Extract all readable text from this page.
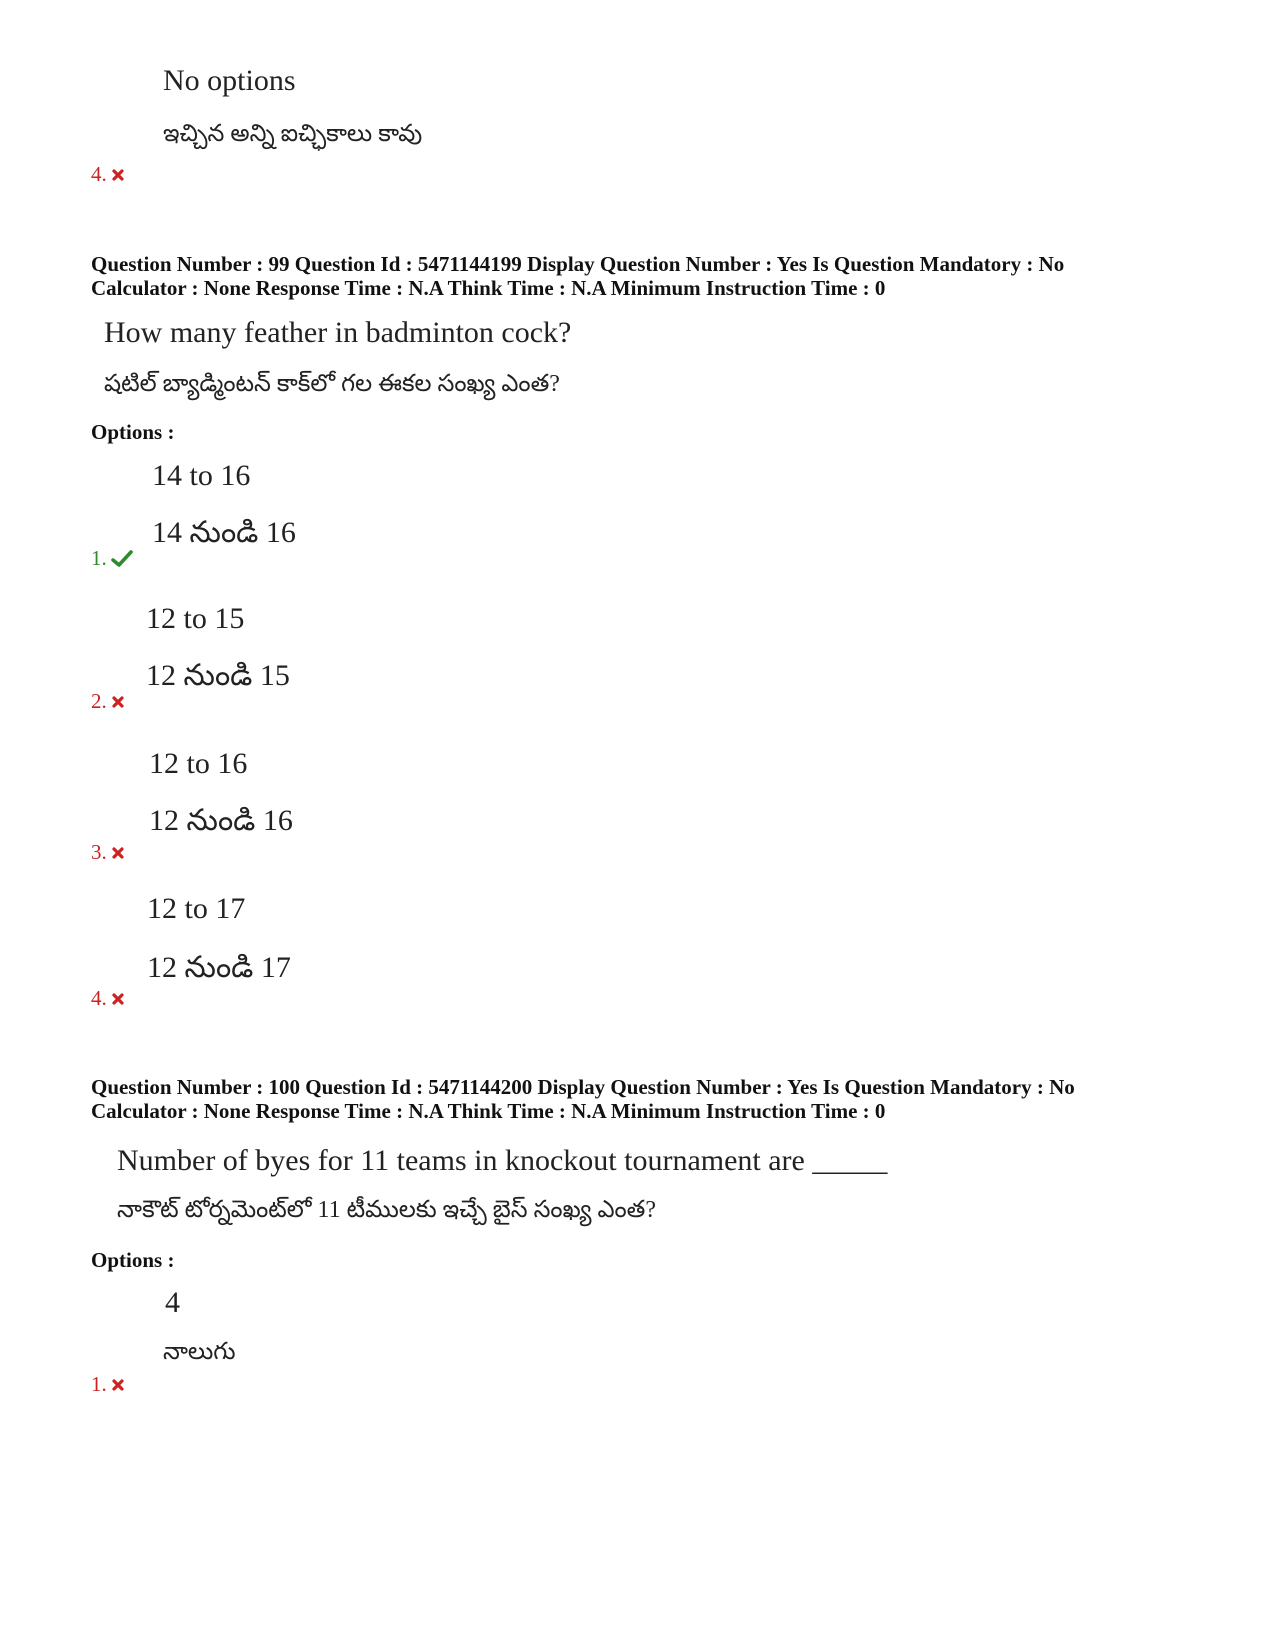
No options
ఇచ్చిన అన్ని ఐచ్ఛికాలు కావు
4.
Question Number : 99 Question Id : 5471144199 Display Question Number : Yes Is Question Mandatory : No
Calculator : None Response Time : N.A Think Time : N.A Minimum Instruction Time : 0
How many feather in badminton cock?
షటిల్ బ్యాడ్మింటన్ కాక్‌లో గల ఈకల సంఖ్య ఎంత?
Options :
14 to 16
14 నుండి 16
1.
12 to 15
12 నుండి 15
2.
12 to 16
12 నుండి 16
3.
12 to 17
12 నుండి 17
4.
Question Number : 100 Question Id : 5471144200 Display Question Number : Yes Is Question Mandatory : No
Calculator : None Response Time : N.A Think Time : N.A Minimum Instruction Time : 0
Number of byes for 11 teams in knockout tournament are _____
నాకౌట్ టోర్నమెంట్‌లో 11 టీములకు ఇచ్చే బైస్ సంఖ్య ఎంత?
Options :
4
నాలుగు
1.
